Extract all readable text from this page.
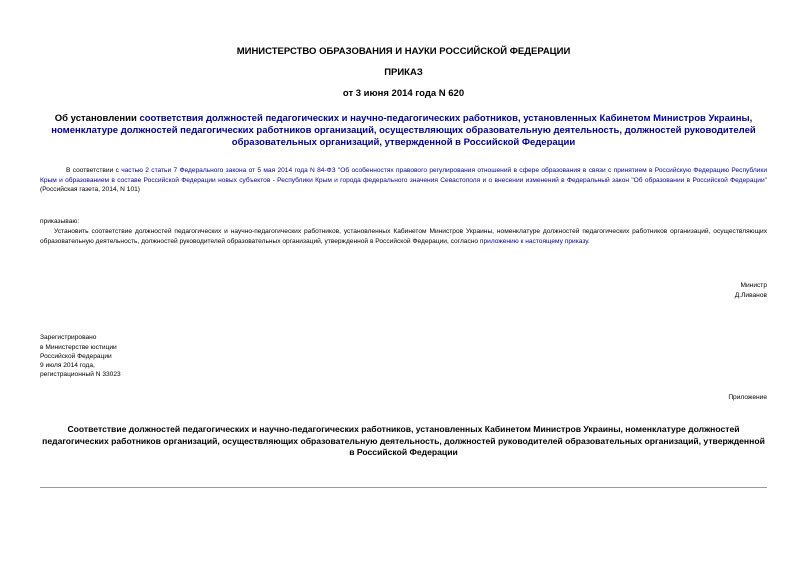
МИНИСТЕРСТВО ОБРАЗОВАНИЯ И НАУКИ РОССИЙСКОЙ ФЕДЕРАЦИИ
ПРИКАЗ
от 3 июня 2014 года N 620
Об установлении соответствия должностей педагогических и научно-педагогических работников, установленных Кабинетом Министров Украины, номенклатуре должностей педагогических работников организаций, осуществляющих образовательную деятельность, должностей руководителей образовательных организаций, утвержденной в Российской Федерации
В соответствии с частью 2 статьи 7 Федерального закона от 5 мая 2014 года N 84-ФЗ "Об особенностях правового регулирования отношений в сфере образования в связи с принятием в Российскую Федерацию Республики Крым и образованием в составе Российской Федерации новых субъектов - Республики Крым и города федерального значения Севастополя и о внесении изменений в Федеральный закон "Об образовании в Российской Федерации" (Российская газета, 2014, N 101)
приказываю:
Установить соответствие должностей педагогических и научно-педагогических работников, установленных Кабинетом Министров Украины, номенклатуре должностей педагогических работников организаций, осуществляющих образовательную деятельность, должностей руководителей образовательных организаций, утвержденной в Российской Федерации, согласно приложению к настоящему приказу.
Министр
Д.Ливанов
Зарегистрировано
в Министерстве юстиции
Российской Федерации
9 июля 2014 года,
регистрационный N 33023
Приложение
Соответствие должностей педагогических и научно-педагогических работников, установленных Кабинетом Министров Украины, номенклатуре должностей педагогических работников организаций, осуществляющих образовательную деятельность, должностей руководителей образовательных организаций, утвержденной в Российской Федерации
